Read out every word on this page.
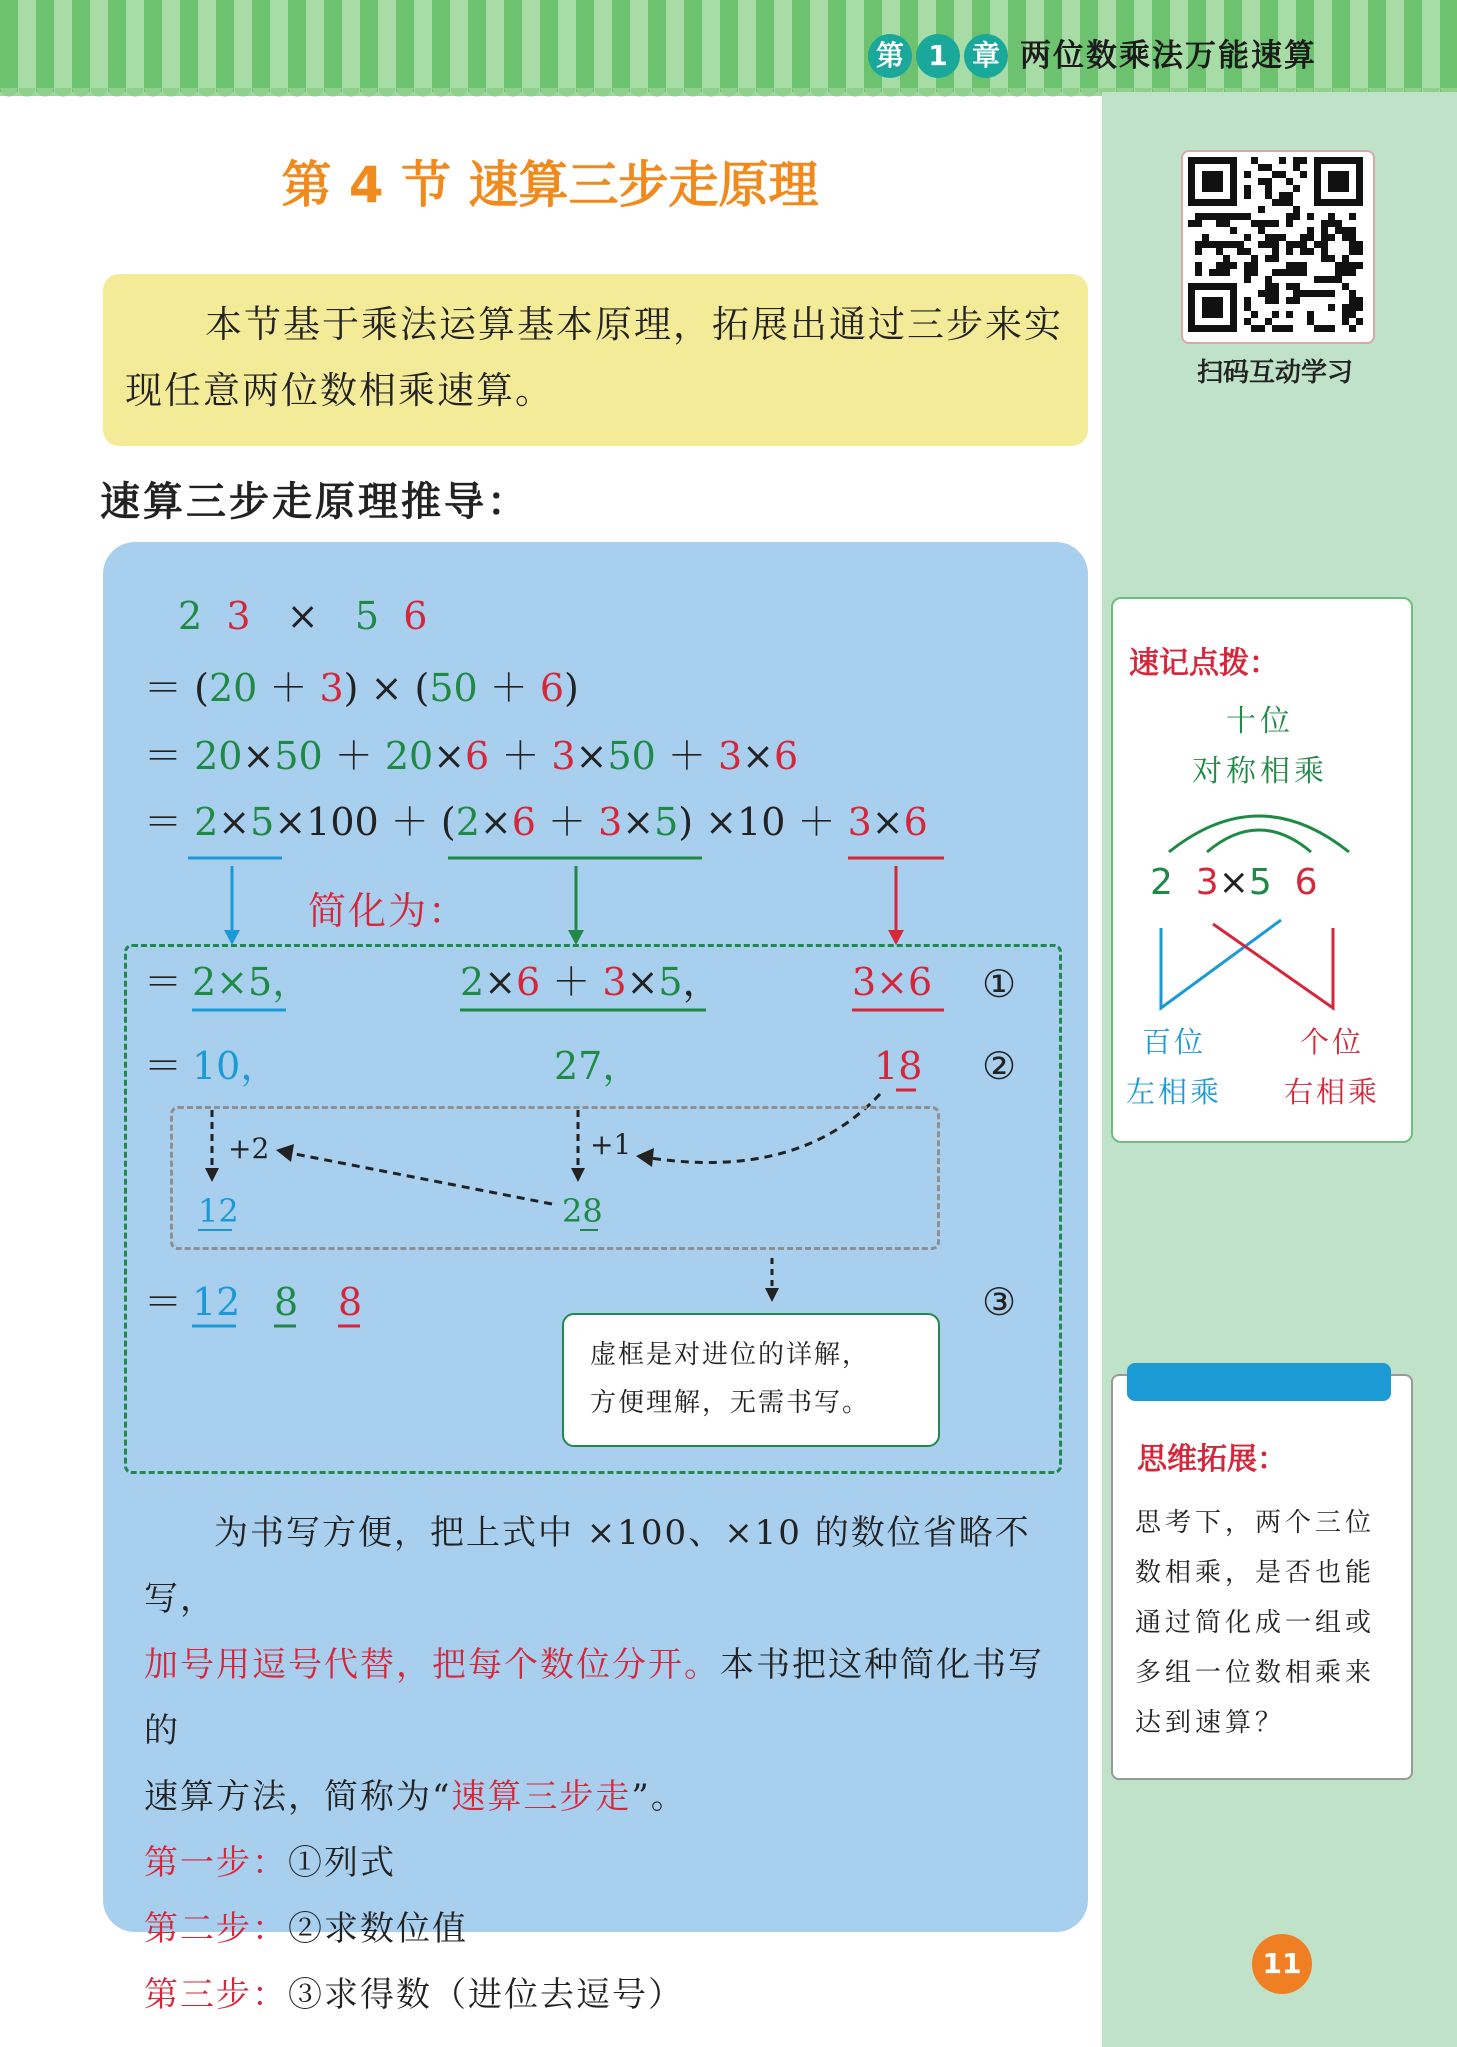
第 1 章 两位数乘法万能速算
第 4 节 速算三步走原理
本节基于乘法运算基本原理，拓展出通过三步来实现任意两位数相乘速算。
速算三步走原理推导：
2 3 × 5 6
＝ (20 ＋ 3) × (50 ＋ 6)
＝ 20×50 ＋ 20×6 ＋ 3×50 ＋ 3×6
＝ 2×5×100 ＋ (2×6 ＋ 3×5) ×10 ＋ 3×6
简化为：
＝ 2×5，	2×6 ＋ 3×5，	3×6 ①
＝ 10，	27，	18 ②
+2	+1
12	28
＝ 12 8 8	③
虚框是对进位的详解，
方便理解，无需书写。
为书写方便，把上式中 ×100、×10 的数位省略不写，
加号用逗号代替，把每个数位分开。本书把这种简化书写的
速算方法，简称为“速算三步走”。
第一步：①列式
第二步：②求数位值
第三步：③求得数（进位去逗号）
扫码互动学习
速记点拨：
十位
对称相乘
2 3×5 6
百位
左相乘
个位
右相乘
思维拓展：
思考下，两个三位数相乘，是否也能通过简化成一组或多组一位数相乘来达到速算？
11
